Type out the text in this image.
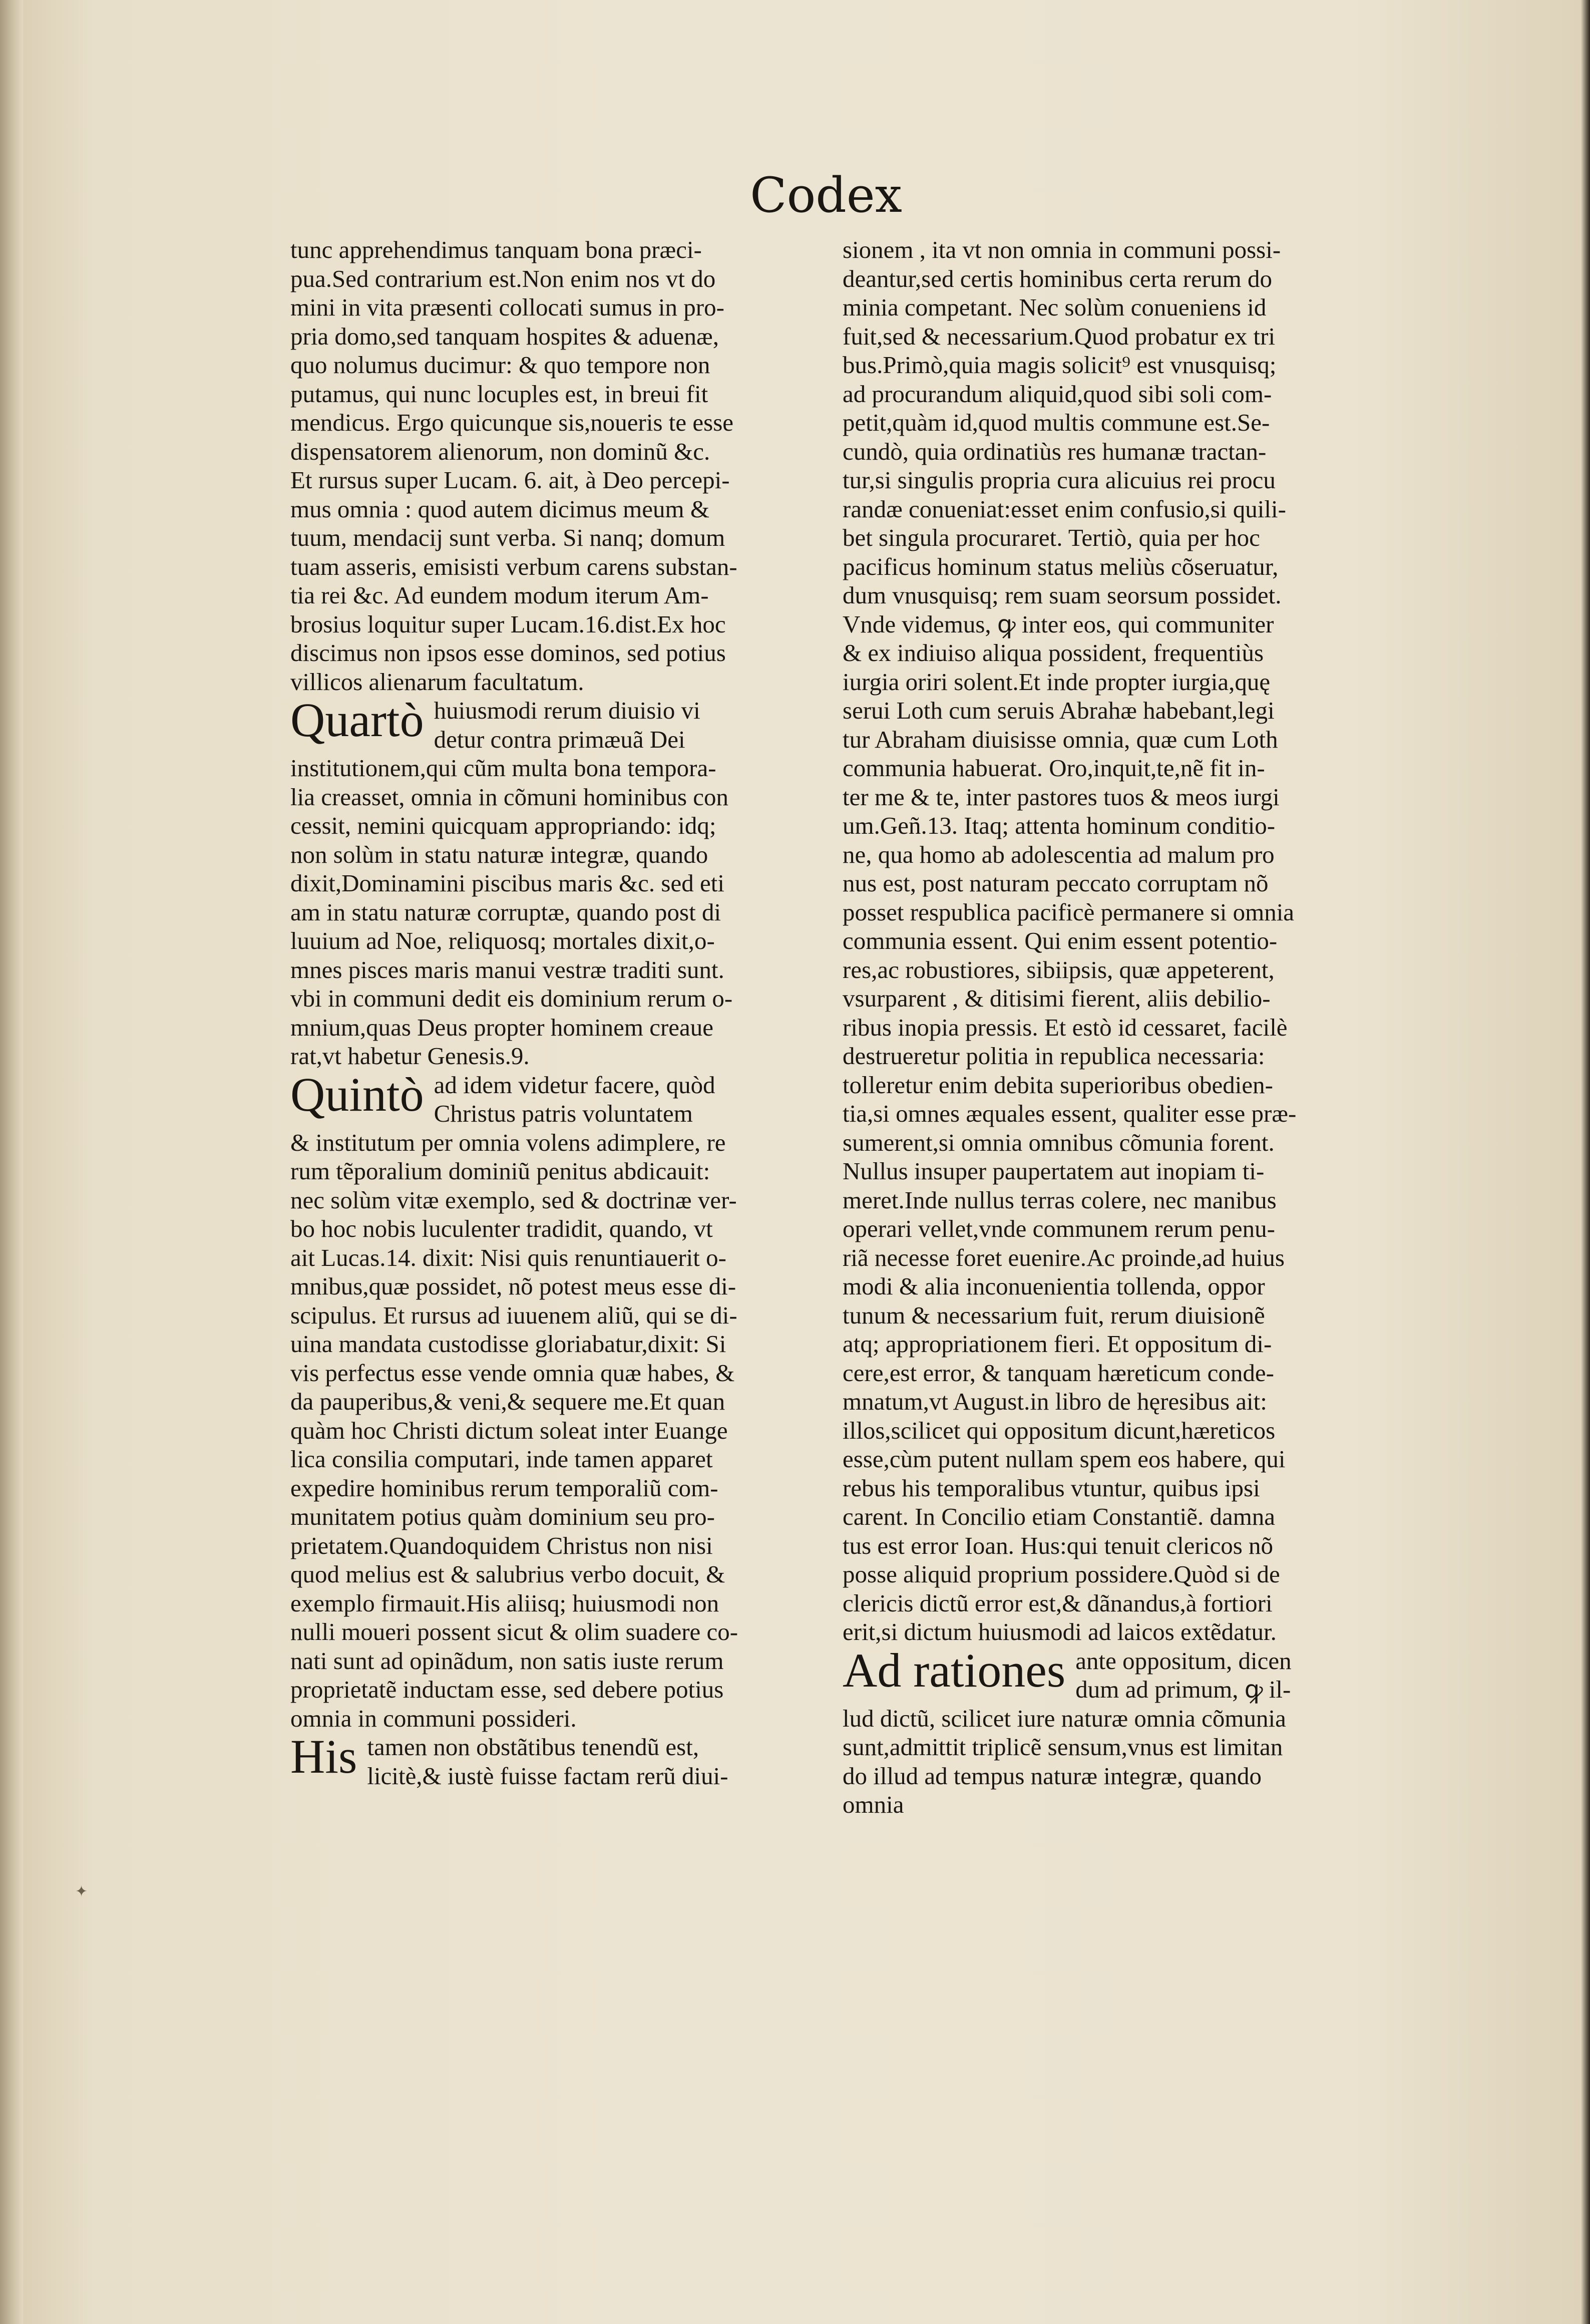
Codex
tunc apprehendimus tanquam bona præci-
pua.Sed contrarium est.Non enim nos vt do
mini in vita præsenti collocati sumus in pro-
pria domo,sed tanquam hospites & aduenæ,
quo nolumus ducimur: & quo tempore non
putamus, qui nunc locuples est, in breui fit
mendicus. Ergo quicunque sis,noueris te esse
dispensatorem alienorum, non dominũ &c.
Et rursus super Lucam. 6. ait, à Deo percepi-
mus omnia : quod autem dicimus meum &
tuum, mendacij sunt verba. Si nanq; domum
tuam asseris, emisisti verbum carens substan-
tia rei &c. Ad eundem modum iterum Am-
brosius loquitur super Lucam.16.dist.Ex hoc
discimus non ipsos esse dominos, sed potius
villicos alienarum facultatum.
Quartò huiusmodi rerum diuisio vi
detur contra primæuã Dei
institutionem,qui cũm multa bona tempora-
lia creasset, omnia in cõmuni hominibus con
cessit, nemini quicquam appropriando: idq;
non solùm in statu naturæ integræ, quando
dixit,Dominamini piscibus maris &c. sed eti
am in statu naturæ corruptæ, quando post di
luuium ad Noe, reliquosq; mortales dixit,o-
mnes pisces maris manui vestræ traditi sunt.
vbi in communi dedit eis dominium rerum o-
mnium,quas Deus propter hominem creaue
rat,vt habetur Genesis.9.
Quintò ad idem videtur facere, quòd
Christus patris voluntatem
& institutum per omnia volens adimplere, re
rum tẽporalium dominiũ penitus abdicauit:
nec solùm vitæ exemplo, sed & doctrinæ ver-
bo hoc nobis luculenter tradidit, quando, vt
ait Lucas.14. dixit: Nisi quis renuntiauerit o-
mnibus,quæ possidet, nõ potest meus esse di-
scipulus. Et rursus ad iuuenem aliũ, qui se di-
uina mandata custodisse gloriabatur,dixit: Si
vis perfectus esse vende omnia quæ habes, &
da pauperibus,& veni,& sequere me.Et quan
quàm hoc Christi dictum soleat inter Euange
lica consilia computari, inde tamen apparet
expedire hominibus rerum temporaliũ com-
munitatem potius quàm dominium seu pro-
prietatem.Quandoquidem Christus non nisi
quod melius est & salubrius verbo docuit, &
exemplo firmauit.His aliisq; huiusmodi non
nulli moueri possent sicut & olim suadere co-
nati sunt ad opinãdum, non satis iuste rerum
proprietatẽ inductam esse, sed debere potius
omnia in communi possideri.
His tamen non obstãtibus tenendũ est,
licitè,& iustè fuisse factam rerũ diui-
sionem , ita vt non omnia in communi possi-
deantur,sed certis hominibus certa rerum do
minia competant. Nec solùm conueniens id
fuit,sed & necessarium.Quod probatur ex tri
bus.Primò,quia magis solicit⁹ est vnusquisq;
ad procurandum aliquid,quod sibi soli com-
petit,quàm id,quod multis commune est.Se-
cundò, quia ordinatiùs res humanæ tractan-
tur,si singulis propria cura alicuius rei procu
randæ conueniat:esset enim confusio,si quili-
bet singula procuraret. Tertiò, quia per hoc
pacificus hominum status meliùs cõseruatur,
dum vnusquisq; rem suam seorsum possidet.
Vnde videmus, ꝙ inter eos, qui communiter
& ex indiuiso aliqua possident, frequentiùs
iurgia oriri solent.Et inde propter iurgia,quę
serui Loth cum seruis Abrahæ habebant,legi
tur Abraham diuisisse omnia, quæ cum Loth
communia habuerat. Oro,inquit,te,nẽ fit in-
ter me & te, inter pastores tuos & meos iurgi
um.Geñ.13. Itaq; attenta hominum conditio-
ne, qua homo ab adolescentia ad malum pro
nus est, post naturam peccato corruptam nõ
posset respublica pacificè permanere si omnia
communia essent. Qui enim essent potentio-
res,ac robustiores, sibiipsis, quæ appeterent,
vsurparent , & ditisimi fierent, aliis debilio-
ribus inopia pressis. Et estò id cessaret, facilè
destrueretur politia in republica necessaria:
tolleretur enim debita superioribus obedien-
tia,si omnes æquales essent, qualiter esse præ-
sumerent,si omnia omnibus cõmunia forent.
Nullus insuper paupertatem aut inopiam ti-
meret.Inde nullus terras colere, nec manibus
operari vellet,vnde communem rerum penu-
riã necesse foret euenire.Ac proinde,ad huius
modi & alia inconuenientia tollenda, oppor
tunum & necessarium fuit, rerum diuisionẽ
atq; appropriationem fieri. Et oppositum di-
cere,est error, & tanquam hæreticum conde-
mnatum,vt August.in libro de hęresibus ait:
illos,scilicet qui oppositum dicunt,hæreticos
esse,cùm putent nullam spem eos habere, qui
rebus his temporalibus vtuntur, quibus ipsi
carent. In Concilio etiam Constantiẽ. damna
tus est error Ioan. Hus:qui tenuit clericos nõ
posse aliquid proprium possidere.Quòd si de
clericis dictũ error est,& dãnandus,à fortiori
erit,si dictum huiusmodi ad laicos extẽdatur.
Ad rationes ante oppositum, dicen
dum ad primum, ꝙ il-
lud dictũ, scilicet iure naturæ omnia cõmunia
sunt,admittit triplicẽ sensum,vnus est limitan
do illud ad tempus naturæ integræ, quando
omnia
✦
